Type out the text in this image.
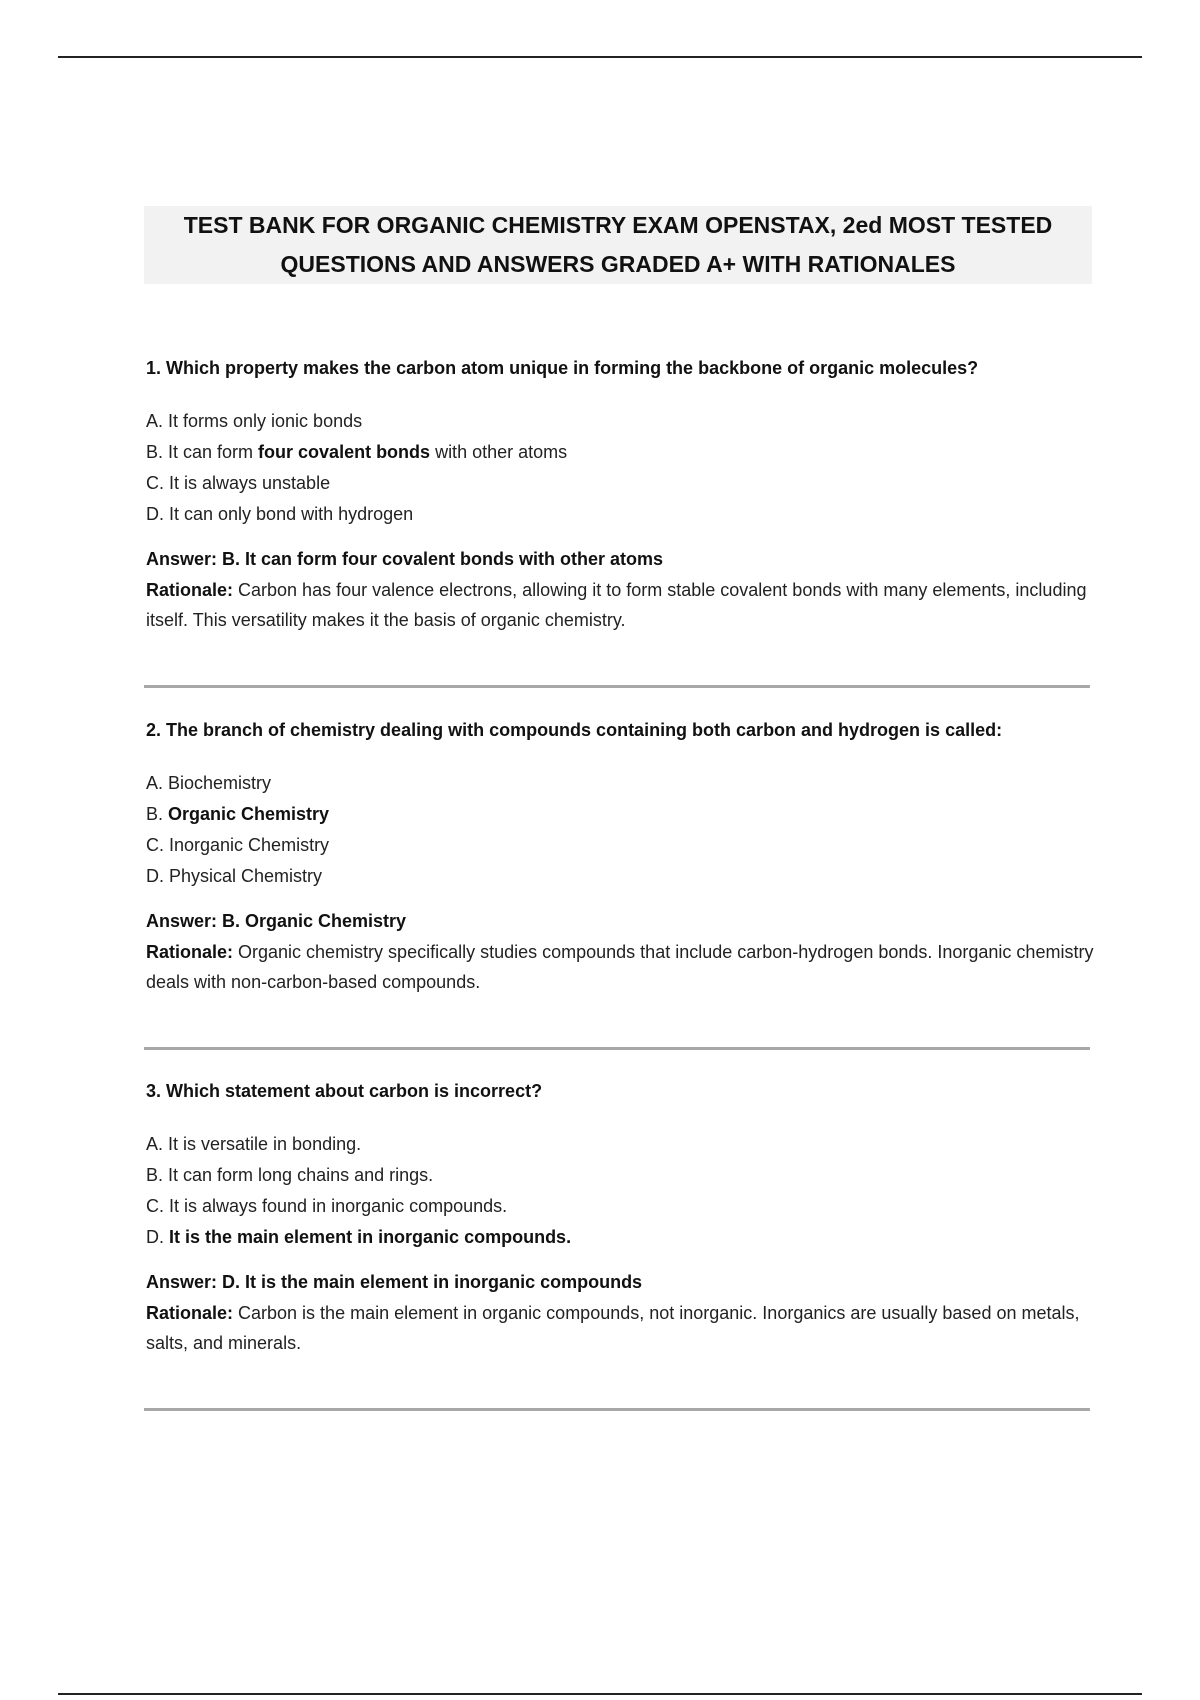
TEST BANK FOR ORGANIC CHEMISTRY EXAM OPENSTAX, 2ed MOST TESTED
QUESTIONS AND ANSWERS GRADED A+ WITH RATIONALES

1. Which property makes the carbon atom unique in forming the backbone of organic molecules?

A. It forms only ionic bonds
B. It can form four covalent bonds with other atoms
C. It is always unstable
D. It can only bond with hydrogen
Answer: B. It can form four covalent bonds with other atoms
Rationale: Carbon has four valence electrons, allowing it to form stable covalent bonds with many elements, including itself. This versatility makes it the basis of organic chemistry.

2. The branch of chemistry dealing with compounds containing both carbon and hydrogen is called:

A. Biochemistry
B. Organic Chemistry
C. Inorganic Chemistry
D. Physical Chemistry
Answer: B. Organic Chemistry
Rationale: Organic chemistry specifically studies compounds that include carbon-hydrogen bonds. Inorganic chemistry deals with non-carbon-based compounds.

3. Which statement about carbon is incorrect?

A. It is versatile in bonding.
B. It can form long chains and rings.
C. It is always found in inorganic compounds.
D. It is the main element in inorganic compounds.
Answer: D. It is the main element in inorganic compounds
Rationale: Carbon is the main element in organic compounds, not inorganic. Inorganics are usually based on metals, salts, and minerals.
